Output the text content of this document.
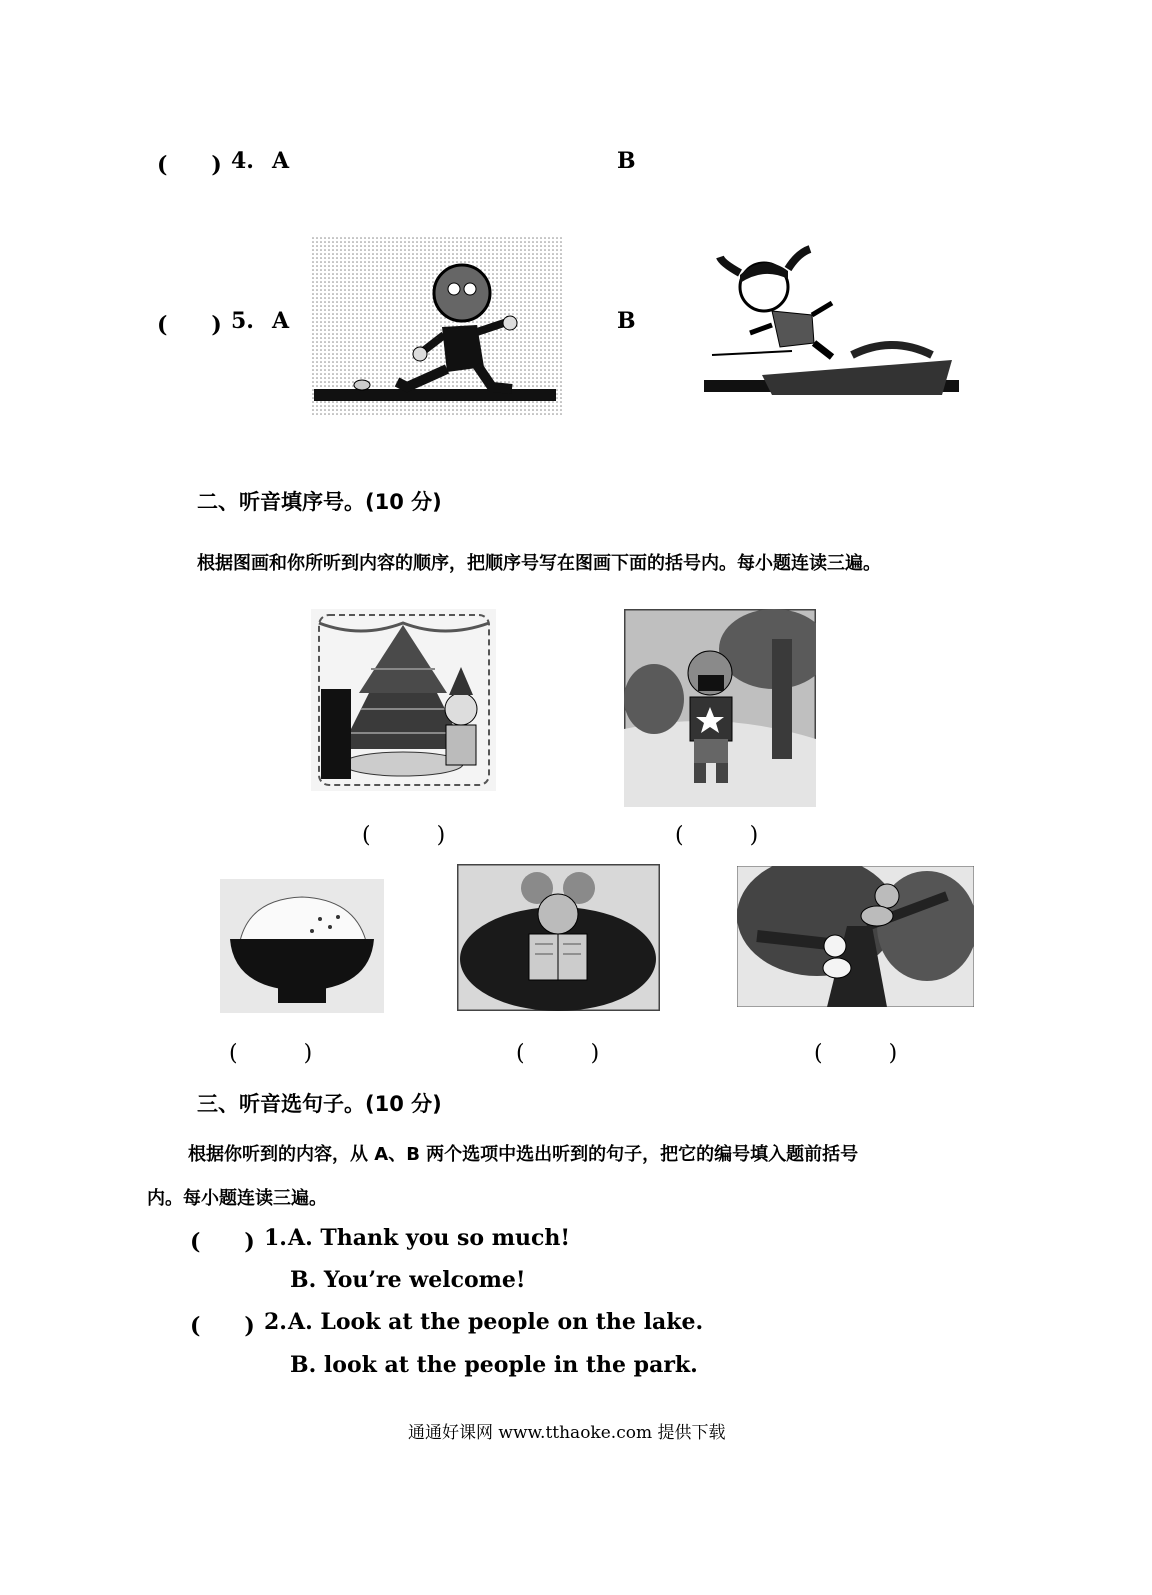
(　　) 4. A	B
(　　) 5. A	B
二、听音填序号。(10 分)
根据图画和你所听到内容的顺序，把顺序号写在图画下面的括号内。每小题连读三遍。
(　　　)	(　　　)
(　　　)	(　　　)	(　　　)
三、听音选句子。(10 分)
根据你听到的内容，从 A、B 两个选项中选出听到的句子，把它的编号填入题前括号
内。每小题连读三遍。
(　　) 1. A. Thank you so much!
B. You’re welcome!
(　　) 2. A. Look at the people on the lake.
B. look at the people in the park.
通通好课网 www.tthaoke.com 提供下载
